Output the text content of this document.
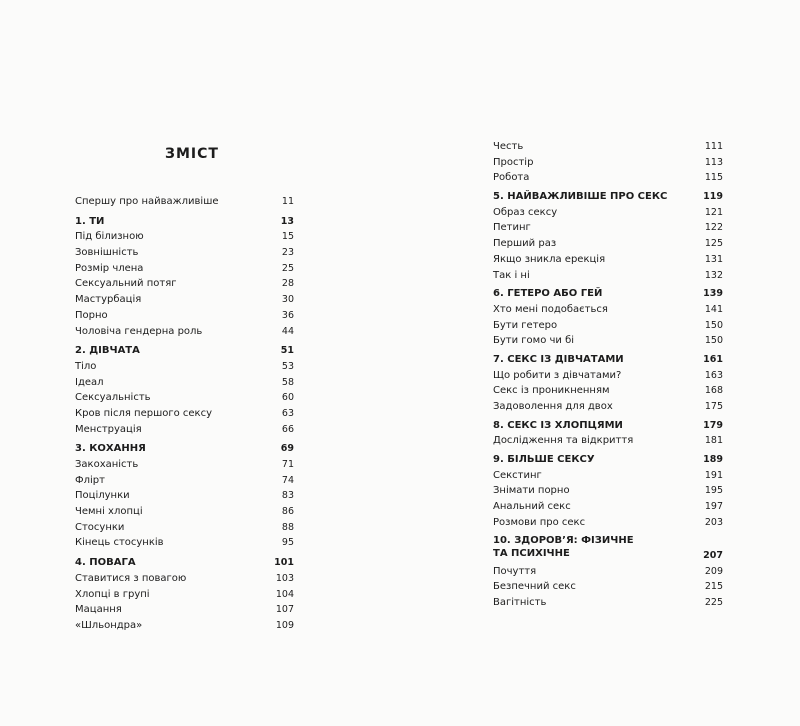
ЗМІСТ
Спершу про найважливіше	11
1. ТИ	13
Під білизною	15
Зовнішність	23
Розмір члена	25
Сексуальний потяг	28
Мастурбація	30
Порно	36
Чоловіча гендерна роль	44
2. ДІВЧАТА	51
Тіло	53
Ідеал	58
Сексуальність	60
Кров після першого сексу	63
Менструація	66
3. КОХАННЯ	69
Закоханість	71
Флірт	74
Поцілунки	83
Чемні хлопці	86
Стосунки	88
Кінець стосунків	95
4. ПОВАГА	101
Ставитися з повагою	103
Хлопці в групі	104
Мацання	107
«Шльондра»	109
Честь	111
Простір	113
Робота	115
5. НАЙВАЖЛИВІШЕ ПРО СЕКС	119
Образ сексу	121
Петинг	122
Перший раз	125
Якщо зникла ерекція	131
Так і ні	132
6. ГЕТЕРО АБО ГЕЙ	139
Хто мені подобається	141
Бути гетеро	150
Бути гомо чи бі	150
7. СЕКС ІЗ ДІВЧАТАМИ	161
Що робити з дівчатами?	163
Секс із проникненням	168
Задоволення для двох	175
8. СЕКС ІЗ ХЛОПЦЯМИ	179
Дослідження та відкриття	181
9. БІЛЬШЕ СЕКСУ	189
Секстинг	191
Знімати порно	195
Анальний секс	197
Розмови про секс	203
10. ЗДОРОВ’Я: ФІЗИЧНЕ
ТА ПСИХІЧНЕ	207
Почуття	209
Безпечний секс	215
Вагітність	225
